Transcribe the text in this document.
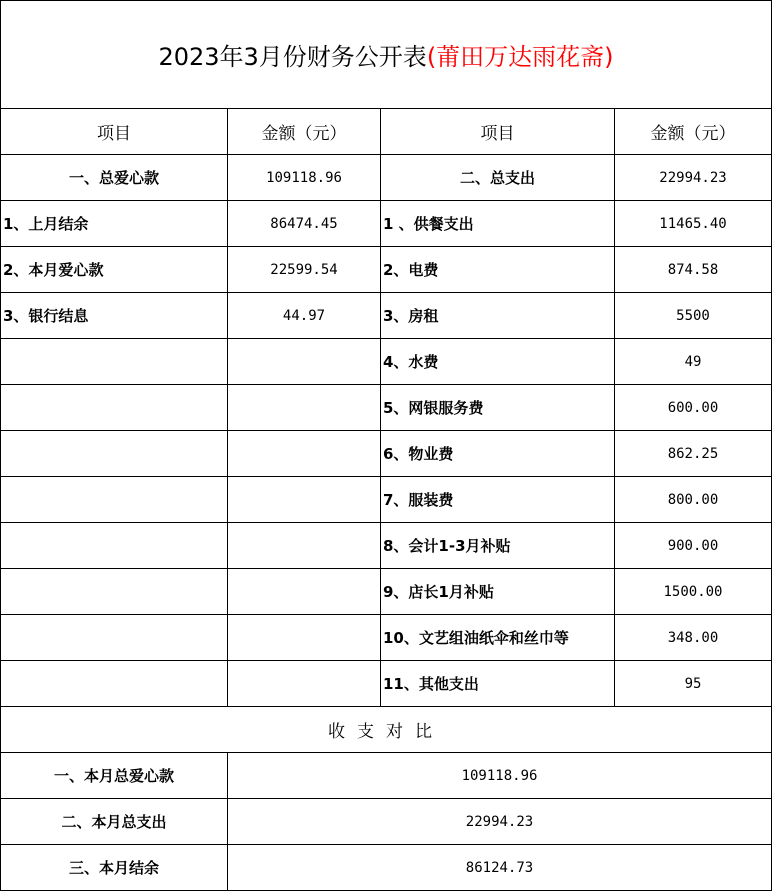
2023年3月份财务公开表 (莆田万达雨花斋)
项目	金额（元）	项目	金额（元）
一、总爱心款	109118.96	二、总支出	22994.23
1、上月结余	86474.45	1 、供餐支出	11465.40
2、本月爱心款	22599.54	2、电费	874.58
3、银行结息	44.97	3、房租	5500
		4、水费	49
		5、网银服务费	600.00
		6、物业费	862.25
		7、服装费	800.00
		8、会计1-3月补贴	900.00
		9、店长1月补贴	1500.00
		10、文艺组油纸伞和丝巾等	348.00
		11、其他支出	95
收支对比			
一、本月总爱心款	109118.96		
二、本月总支出	22994.23		
三、本月结余	86124.73		
